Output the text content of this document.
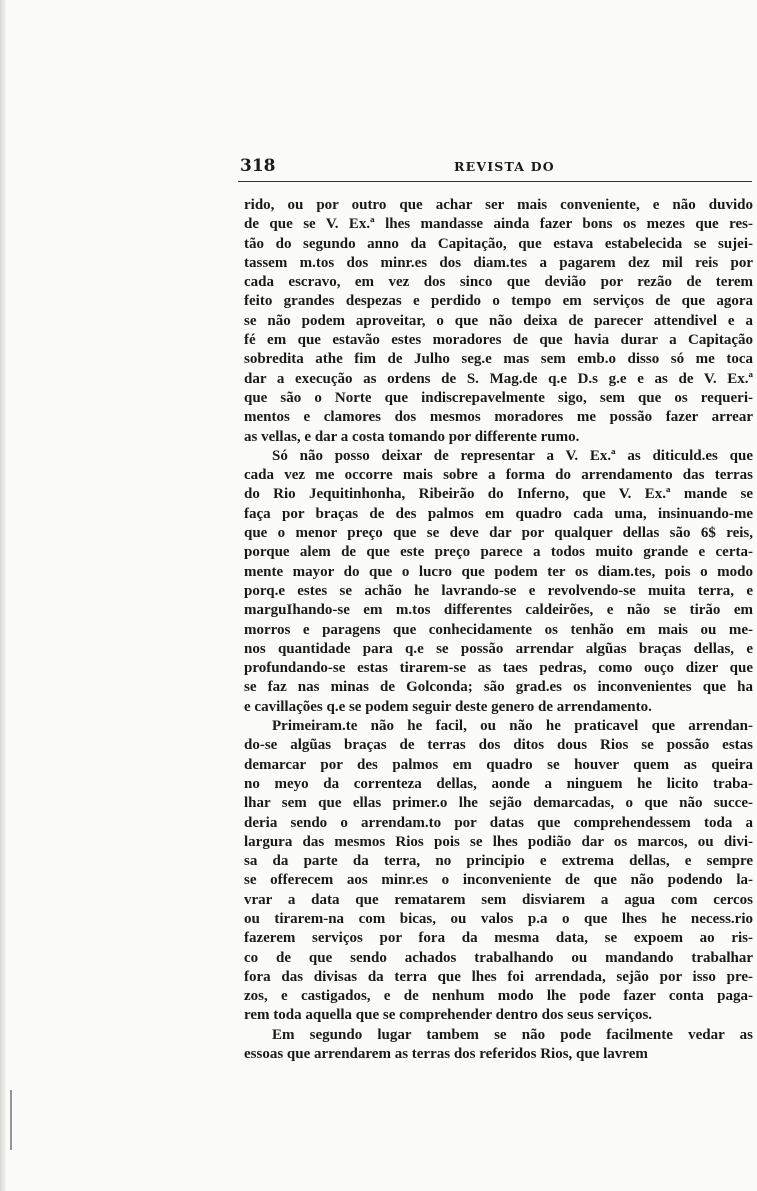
318	REVISTA DO
rido, ou por outro que achar ser mais conveniente, e não duvido
de que se V. Ex.ª lhes mandasse ainda fazer bons os mezes que res-
tão do segundo anno da Capitação, que estava estabelecida se sujei-
tassem m.tos dos minr.es dos diam.tes a pagarem dez mil reis por
cada escravo, em vez dos sinco que devião por rezão de terem
feito grandes despezas e perdido o tempo em serviços de que agora
se não podem aproveitar, o que não deixa de parecer attendivel e a
fé em que estavão estes moradores de que havia durar a Capitação
sobredita athe fim de Julho seg.e mas sem emb.o disso só me toca
dar a execução as ordens de S. Mag.de q.e D.s g.e e as de V. Ex.ª
que são o Norte que indiscrepavelmente sigo, sem que os requeri-
mentos e clamores dos mesmos moradores me possão fazer arrear
as vellas, e dar a costa tomando por differente rumo.
Só não posso deixar de representar a V. Ex.ª as diticuld.es que
cada vez me occorre mais sobre a forma do arrendamento das terras
do Rio Jequitinhonha, Ribeirão do Inferno, que V. Ex.ª mande se
faça por braças de des palmos em quadro cada uma, insinuando-me
que o menor preço que se deve dar por qualquer dellas são 6$ reis,
porque alem de que este preço parece a todos muito grande e certa-
mente mayor do que o lucro que podem ter os diam.tes, pois o modo
porq.e estes se achão he lavrando-se e revolvendo-se muita terra, e
marguIhando-se em m.tos differentes caldeirões, e não se tirão em
morros e paragens que conhecidamente os tenhão em mais ou me-
nos quantidade para q.e se possão arrendar algũas braças dellas, e
profundando-se estas tirarem-se as taes pedras, como ouço dizer que
se faz nas minas de Golconda; são grad.es os inconvenientes que ha
e cavillações q.e se podem seguir deste genero de arrendamento.
Primeiram.te não he facil, ou não he praticavel que arrendan-
do-se algũas braças de terras dos ditos dous Rios se possão estas
demarcar por des palmos em quadro se houver quem as queira
no meyo da correnteza dellas, aonde a ninguem he licito traba-
lhar sem que ellas primer.o lhe sejão demarcadas, o que não succe-
deria sendo o arrendam.to por datas que comprehendessem toda a
largura das mesmos Rios pois se lhes podião dar os marcos, ou divi-
sa da parte da terra, no principio e extrema dellas, e sempre
se offerecem aos minr.es o inconveniente de que não podendo la-
vrar a data que rematarem sem disviarem a agua com cercos
ou tirarem-na com bicas, ou valos p.a o que lhes he necess.rio
fazerem serviços por fora da mesma data, se expoem ao ris-
co de que sendo achados trabalhando ou mandando trabalhar
fora das divisas da terra que lhes foi arrendada, sejão por isso pre-
zos, e castigados, e de nenhum modo lhe pode fazer conta paga-
rem toda aquella que se comprehender dentro dos seus serviços.
Em segundo lugar tambem se não pode facilmente vedar as
essoas que arrendarem as terras dos referidos Rios, que lavrem
